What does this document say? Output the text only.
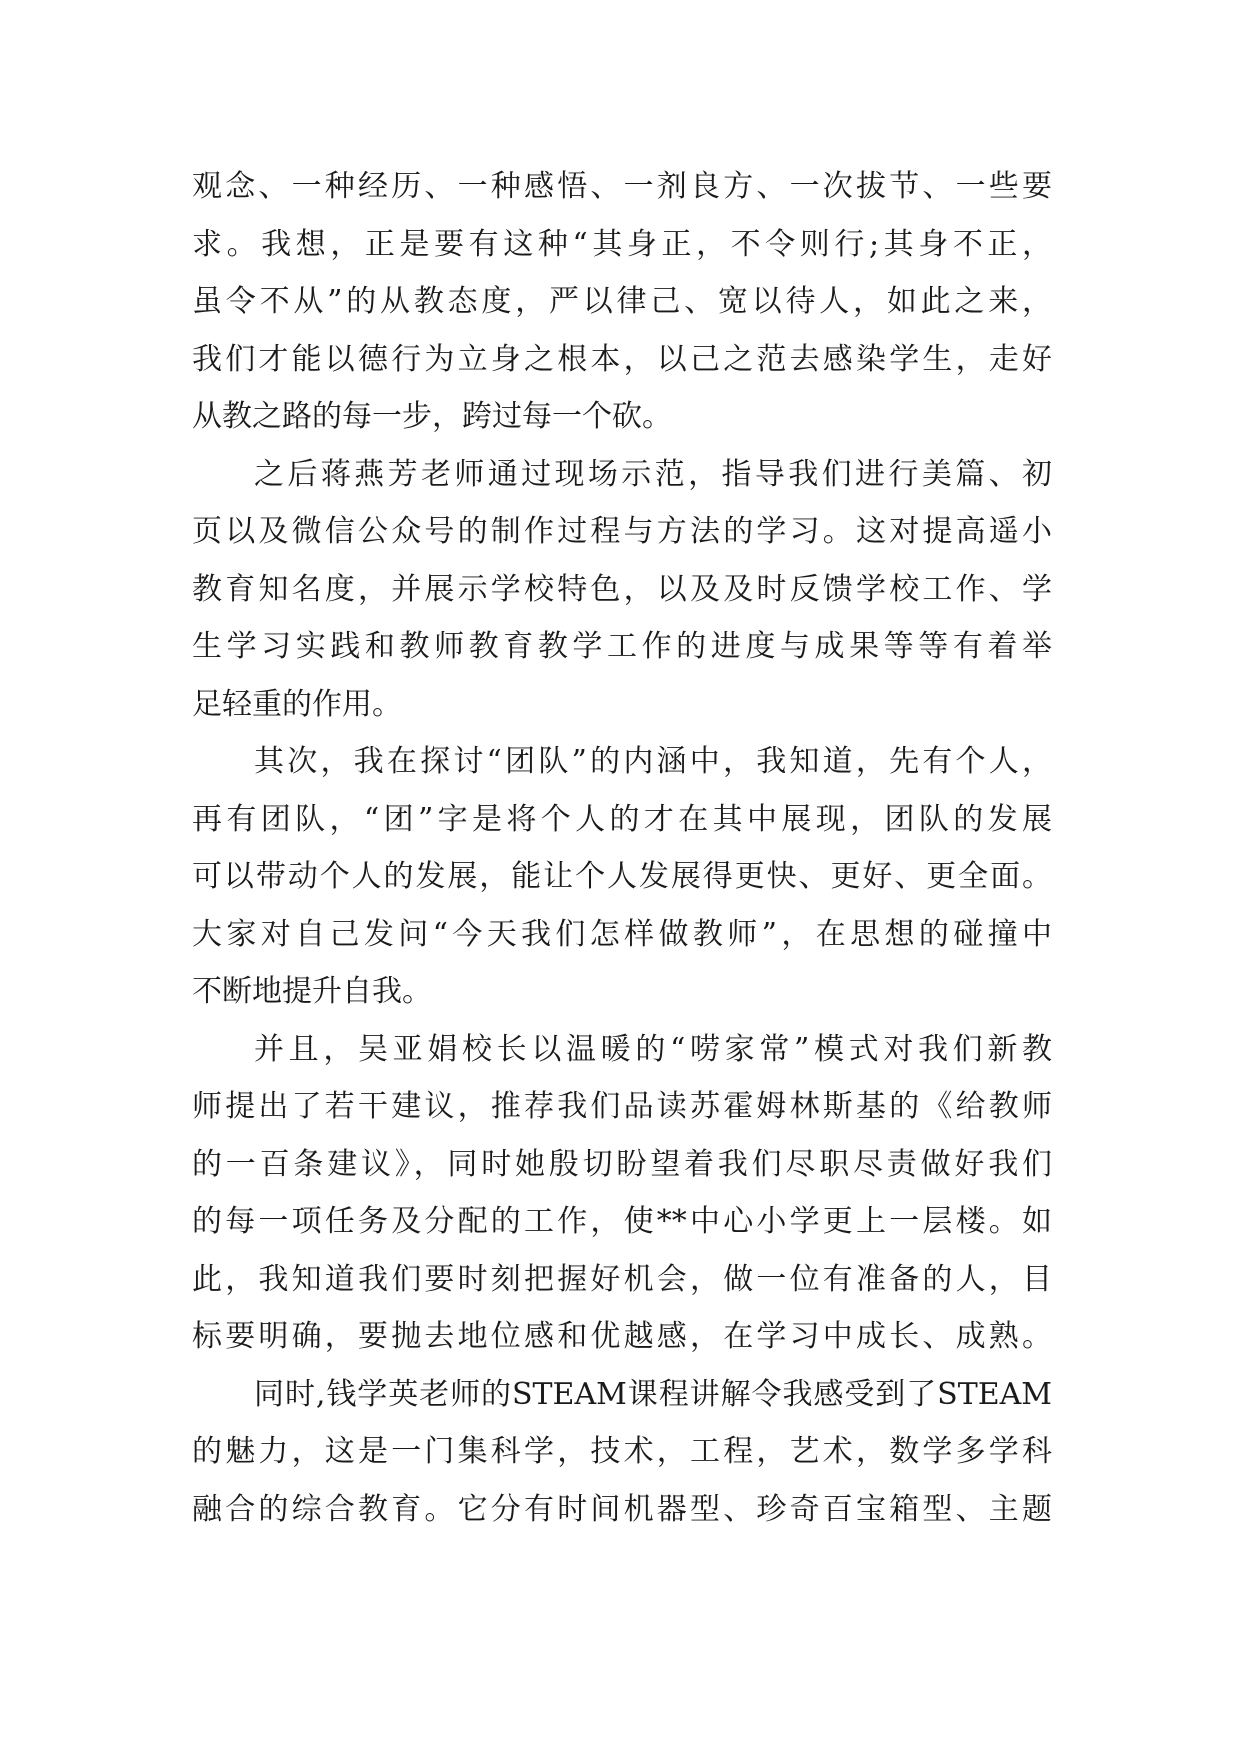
观念、一种经历、一种感悟、一剂良方、一次拔节、一些要
求。我想，正是要有这种“其身正，不令则行;其身不正，
虽令不从”的从教态度，严以律己、宽以待人，如此之来，
我们才能以德行为立身之根本，以己之范去感染学生，走好
从教之路的每一步，跨过每一个砍。
之后蒋燕芳老师通过现场示范，指导我们进行美篇、初
页以及微信公众号的制作过程与方法的学习。这对提高遥小
教育知名度，并展示学校特色，以及及时反馈学校工作、学
生学习实践和教师教育教学工作的进度与成果等等有着举
足轻重的作用。
其次，我在探讨“团队”的内涵中，我知道，先有个人，
再有团队，“团”字是将个人的才在其中展现，团队的发展
可以带动个人的发展，能让个人发展得更快、更好、更全面。
大家对自己发问“今天我们怎样做教师”，在思想的碰撞中
不断地提升自我。
并且，吴亚娟校长以温暖的“唠家常”模式对我们新教
师提出了若干建议，推荐我们品读苏霍姆林斯基的《给教师
的一百条建议》，同时她殷切盼望着我们尽职尽责做好我们
的每一项任务及分配的工作，使**中心小学更上一层楼。如
此，我知道我们要时刻把握好机会，做一位有准备的人，目
标要明确，要抛去地位感和优越感，在学习中成长、成熟。
同时,钱学英老师的STEAM课程讲解令我感受到了STEAM
的魅力，这是一门集科学，技术，工程，艺术，数学多学科
融合的综合教育。它分有时间机器型、珍奇百宝箱型、主题
